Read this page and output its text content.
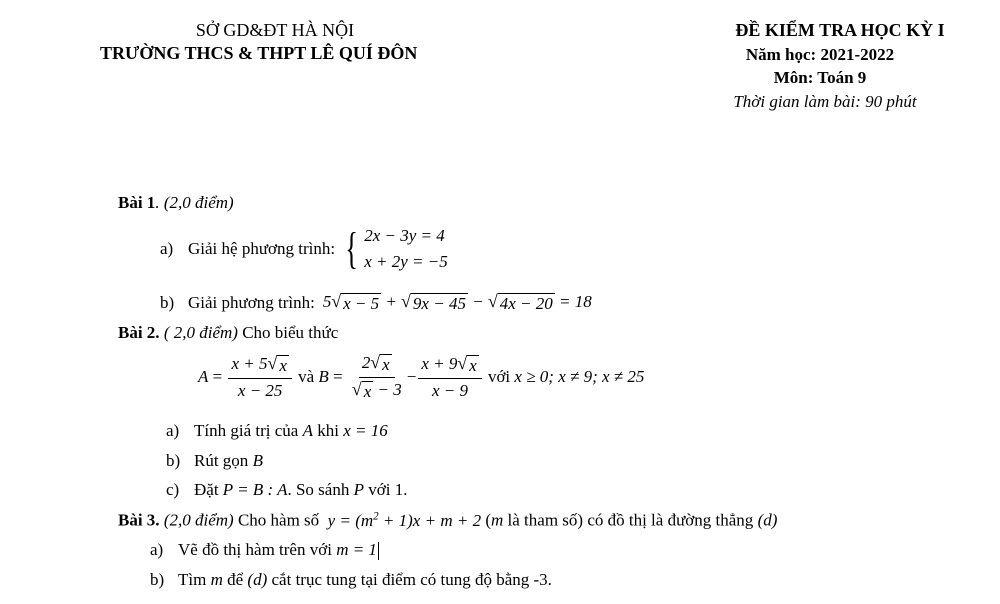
SỞ GD&ĐT HÀ NỘI
TRƯỜNG THCS & THPT LÊ QUÍ ĐÔN
ĐỀ KIỂM TRA HỌC KỲ I
Năm học: 2021-2022
Môn: Toán 9
Thời gian làm bài: 90 phút
Bài 1. (2,0 điểm)
a) Giải hệ phương trình: { 2x − 3y = 4
x + 2y = −5
b) Giải phương trình: 5 √ x − 5 + √ 9x − 45 − √ 4x − 20 = 18
Bài 2. ( 2,0 điểm) Cho biểu thức
$A = \frac{x + 5 √ x}{x - 25}$
và
$B = \frac{2 √ x}{√ x - 3} - \frac{x + 9 √ x}{x - 9}$
với
x ≥ 0; x ≠ 9; x ≠ 25
a) Tính giá trị của A khi x = 16
b) Rút gọn B
c) Đặt P = B : A. So sánh P với 1.
Bài 3. (2,0 điểm) Cho hàm số  $y = (m^2 + 1)x + m + 2$ (m là tham số) có đồ thị là đường thẳng (d)
a) Vẽ đồ thị hàm trên với m = 1
b) Tìm m để (d) cắt trục tung tại điểm có tung độ bằng -3.
